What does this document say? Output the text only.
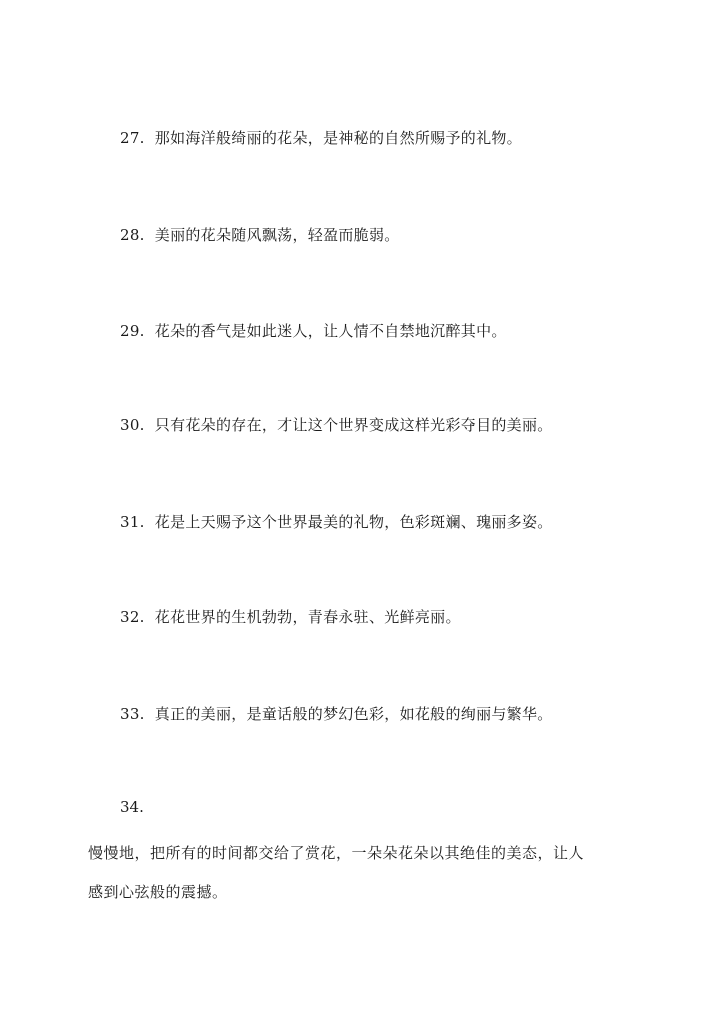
27. 那如海洋般绮丽的花朵，是神秘的自然所赐予的礼物。
28. 美丽的花朵随风飘荡，轻盈而脆弱。
29. 花朵的香气是如此迷人，让人情不自禁地沉醉其中。
30. 只有花朵的存在，才让这个世界变成这样光彩夺目的美丽。
31. 花是上天赐予这个世界最美的礼物，色彩斑斓、瑰丽多姿。
32. 花花世界的生机勃勃，青春永驻、光鲜亮丽。
33. 真正的美丽，是童话般的梦幻色彩，如花般的绚丽与繁华。
34.
慢慢地，把所有的时间都交给了赏花，一朵朵花朵以其绝佳的美态，让人
感到心弦般的震撼。
